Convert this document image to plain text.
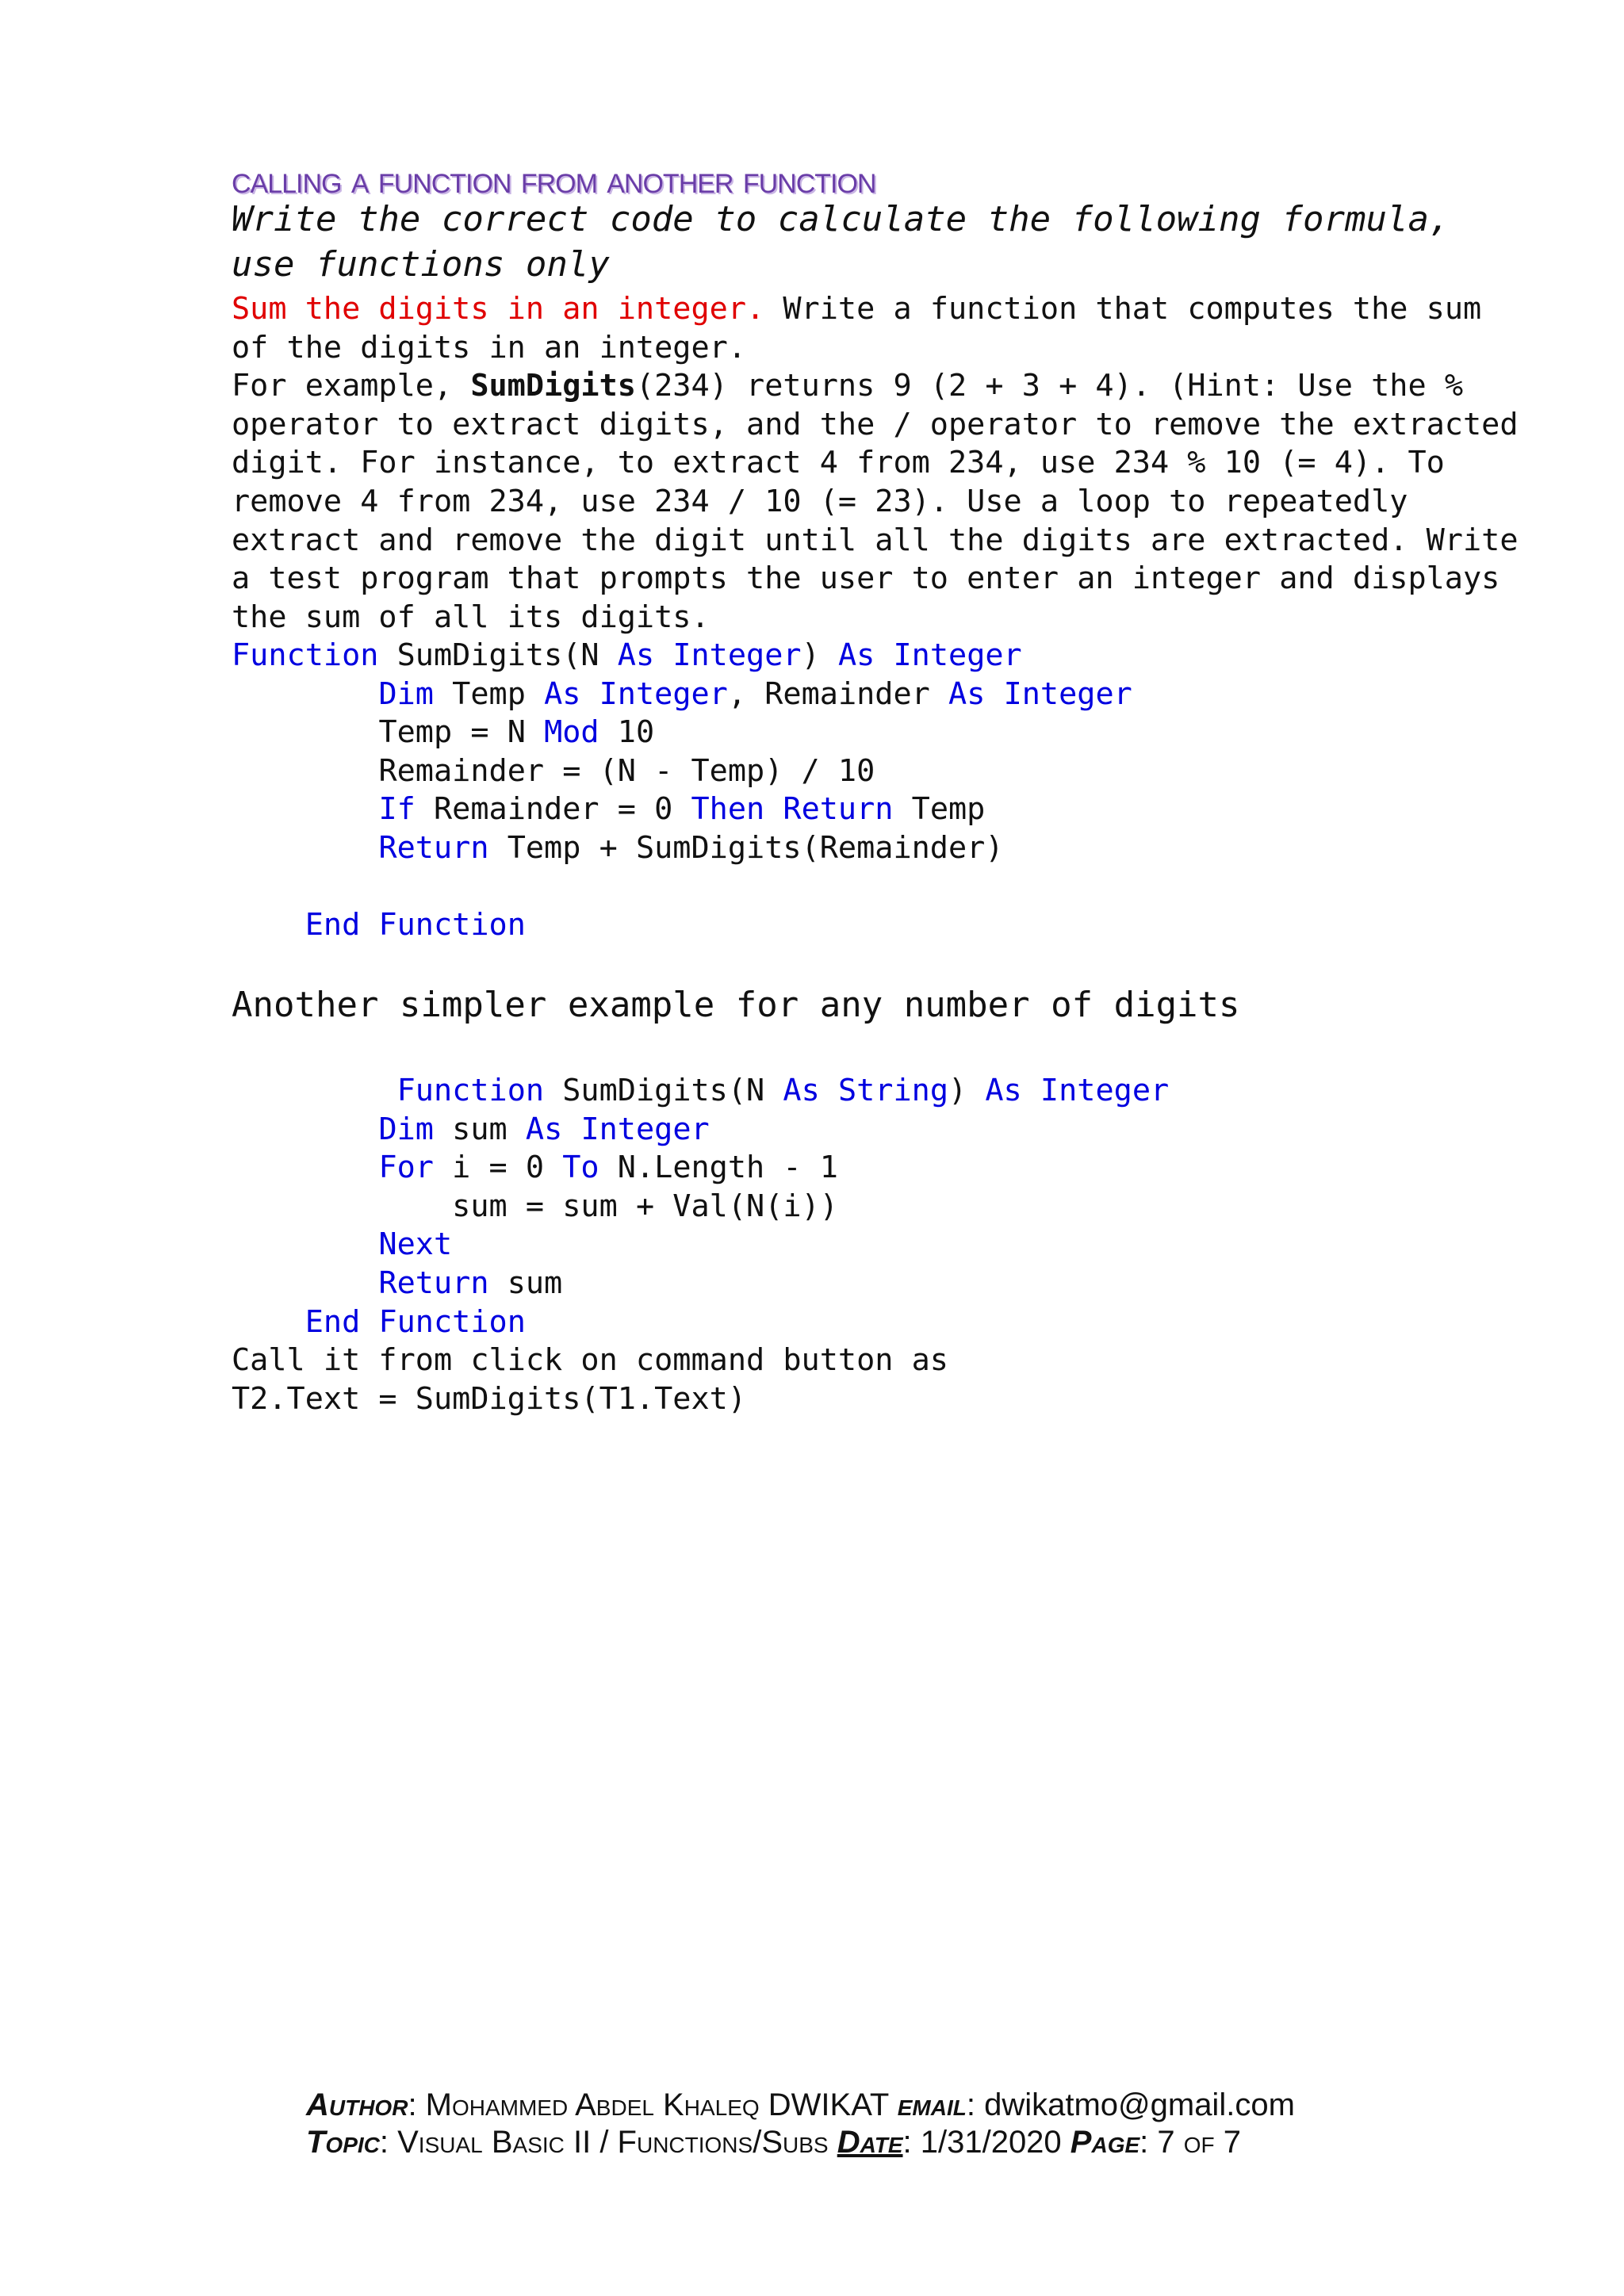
calling a function from another function
Write the correct code to calculate the following formula,
use functions only
Sum the digits in an integer. Write a function that computes the sum
of the digits in an integer.
For example, SumDigits(234) returns 9 (2 + 3 + 4). (Hint: Use the %
operator to extract digits, and the / operator to remove the extracted
digit. For instance, to extract 4 from 234, use 234 % 10 (= 4). To
remove 4 from 234, use 234 / 10 (= 23). Use a loop to repeatedly
extract and remove the digit until all the digits are extracted. Write
a test program that prompts the user to enter an integer and displays
the sum of all its digits.
Function SumDigits(N As Integer) As Integer
Dim Temp As Integer, Remainder As Integer
Temp = N Mod 10
Remainder = (N - Temp) / 10
If Remainder = 0 Then Return Temp
Return Temp + SumDigits(Remainder)

End Function
Another simpler example for any number of digits
Function SumDigits(N As String) As Integer
Dim sum As Integer
For i = 0 To N.Length - 1
sum = sum + Val(N(i))
Next
Return sum
End Function
Call it from click on command button as
T2.Text = SumDigits(T1.Text)
Author: Mohammed Abdel Khaleq DWIKAT email: dwikatmo@gmail.com
Topic: Visual Basic II / Functions/Subs Date: 1/31/2020 Page: 7 of 7
